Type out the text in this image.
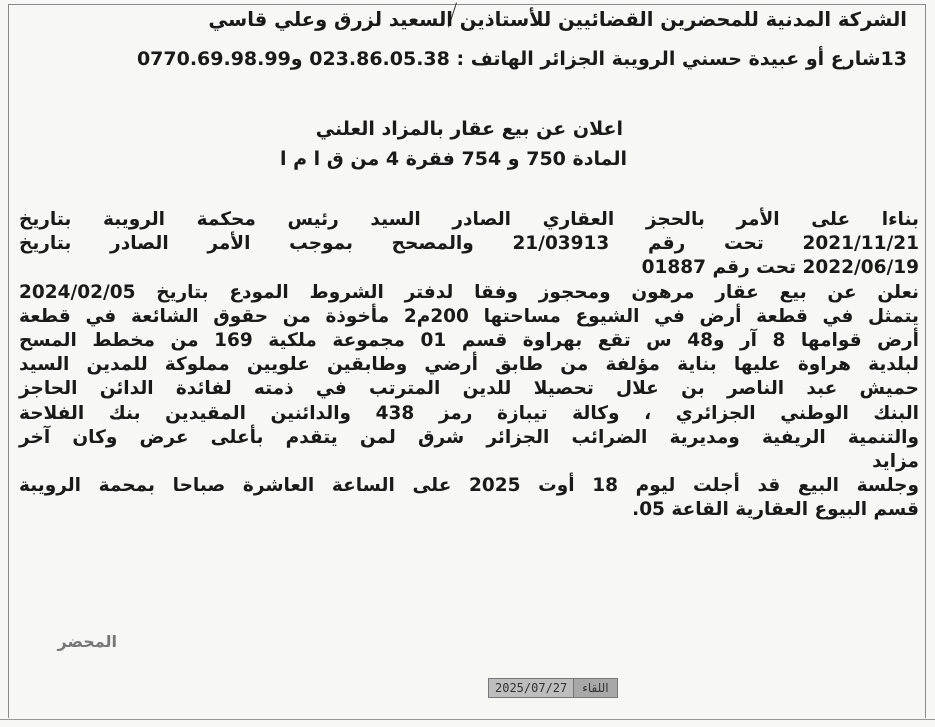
الشركة المدنية للمحضرين القضائيين للأستاذين السعيد لزرق وعلي قاسي
13شارع أو عبيدة حسني الرويبة الجزائر الهاتف : 023.86.05.38 و0770.69.98.99
اعلان عن بيع عقار بالمزاد العلني
المادة 750 و 754 فقرة 4 من ق ا م ا
بناءا على الأمر بالحجز العقاري الصادر السيد رئيس محكمة الرويبة بتاريخ
2021/11/21 تحت رقم 21/03913 والمصحح بموجب الأمر الصادر بتاريخ
2022/06/19 تحت رقم 01887
نعلن عن بيع عقار مرهون ومحجوز وفقا لدفتر الشروط المودع بتاريخ 2024/02/05
يتمثل في قطعة أرض في الشيوع مساحتها 200م2 مأخوذة من حقوق الشائعة في قطعة
أرض قوامها 8 آر و48 س تقع بهراوة قسم 01 مجموعة ملكية 169 من مخطط المسح
لبلدية هراوة عليها بناية مؤلفة من طابق أرضي وطابقين علويين مملوكة للمدين السيد
حميش عبد الناصر بن علال تحصيلا للدين المترتب في ذمته لفائدة الدائن الحاجز
البنك الوطني الجزائري ، وكالة تيبازة رمز 438 والدائنين المقيدين بنك الفلاحة
والتنمية الريفية ومديرية الضرائب الجزائر شرق لمن يتقدم بأعلى عرض وكان آخر
مزايد
وجلسة البيع قد أجلت ليوم 18 أوت 2025 على الساعة العاشرة صباحا بمحمة الرويبة
قسم البيوع العقارية القاعة 05.
المحضر
2025/07/27	اللقاء
